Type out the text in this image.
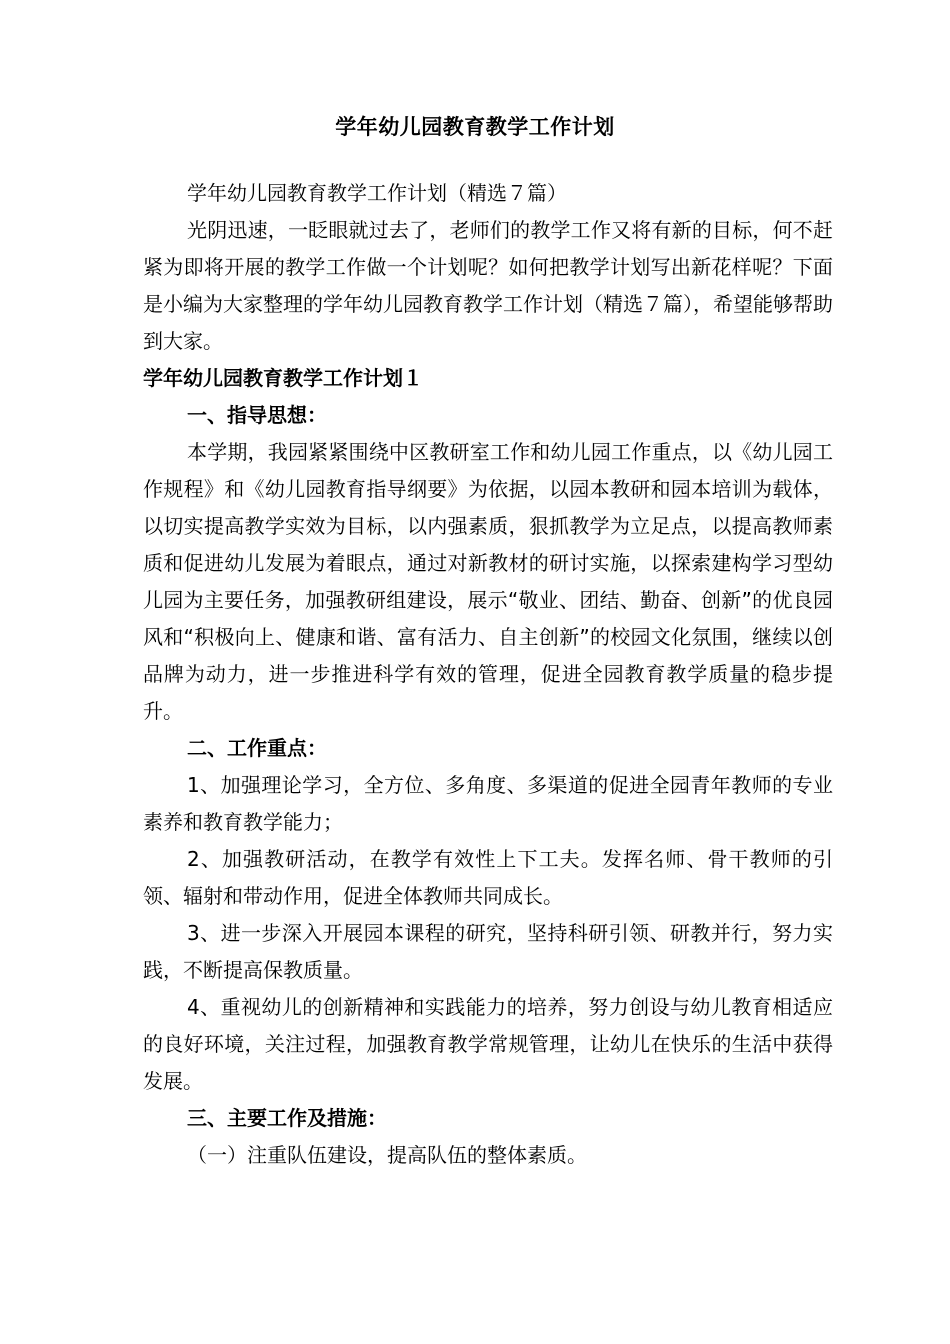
学年幼儿园教育教学工作计划

学年幼儿园教育教学工作计划（精选７篇）

光阴迅速，一眨眼就过去了，老师们的教学工作又将有新的目标，何不赶紧为即将开展的教学工作做一个计划呢？如何把教学计划写出新花样呢？下面是小编为大家整理的学年幼儿园教育教学工作计划（精选７篇），希望能够帮助到大家。

学年幼儿园教育教学工作计划１

一、指导思想：

本学期，我园紧紧围绕中区教研室工作和幼儿园工作重点，以《幼儿园工作规程》和《幼儿园教育指导纲要》为依据，以园本教研和园本培训为载体，以切实提高教学实效为目标，以内强素质，狠抓教学为立足点，以提高教师素质和促进幼儿发展为着眼点，通过对新教材的研讨实施，以探索建构学习型幼儿园为主要任务，加强教研组建设，展示“敬业、团结、勤奋、创新”的优良园风和“积极向上、健康和谐、富有活力、自主创新”的校园文化氛围，继续以创品牌为动力，进一步推进科学有效的管理，促进全园教育教学质量的稳步提升。

二、工作重点：

1、加强理论学习，全方位、多角度、多渠道的促进全园青年教师的专业素养和教育教学能力；

2、加强教研活动，在教学有效性上下工夫。发挥名师、骨干教师的引领、辐射和带动作用，促进全体教师共同成长。

3、进一步深入开展园本课程的研究，坚持科研引领、研教并行，努力实践，不断提高保教质量。

4、重视幼儿的创新精神和实践能力的培养，努力创设与幼儿教育相适应的良好环境，关注过程，加强教育教学常规管理，让幼儿在快乐的生活中获得发展。

三、主要工作及措施：

（一）注重队伍建设，提高队伍的整体素质。
